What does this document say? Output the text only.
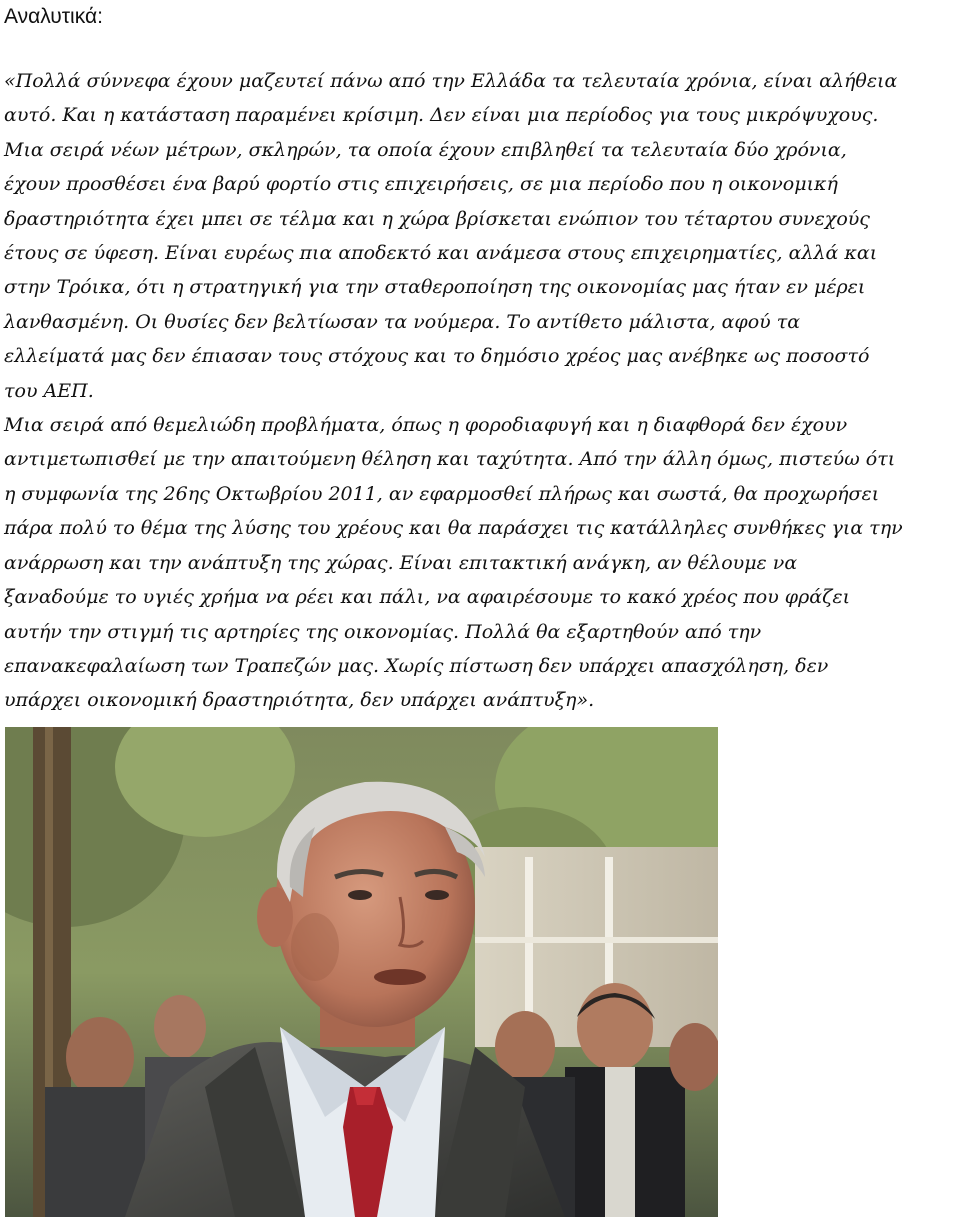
Αναλυτικά:

«Πολλά σύννεφα έχουν μαζευτεί πάνω από την Ελλάδα τα τελευταία χρόνια, είναι αλήθεια
αυτό. Και η κατάσταση παραμένει κρίσιμη. Δεν είναι μια περίοδος για τους μικρόψυχους.
Μια σειρά νέων μέτρων, σκληρών, τα οποία έχουν επιβληθεί τα τελευταία δύο χρόνια,
έχουν προσθέσει ένα βαρύ φορτίο στις επιχειρήσεις, σε μια περίοδο που η οικονομική
δραστηριότητα έχει μπει σε τέλμα και η χώρα βρίσκεται ενώπιον του τέταρτου συνεχούς
έτους σε ύφεση. Είναι ευρέως πια αποδεκτό και ανάμεσα στους επιχειρηματίες, αλλά και
στην Τρόικα, ότι η στρατηγική για την σταθεροποίηση της οικονομίας μας ήταν εν μέρει
λανθασμένη. Οι θυσίες δεν βελτίωσαν τα νούμερα. Το αντίθετο μάλιστα, αφού τα
ελλείματά μας δεν έπιασαν τους στόχους και το δημόσιο χρέος μας ανέβηκε ως ποσοστό
του ΑΕΠ.
Μια σειρά από θεμελιώδη προβλήματα, όπως η φοροδιαφυγή και η διαφθορά δεν έχουν
αντιμετωπισθεί με την απαιτούμενη θέληση και ταχύτητα. Από την άλλη όμως, πιστεύω ότι
η συμφωνία της 26ης Οκτωβρίου 2011, αν εφαρμοσθεί πλήρως και σωστά, θα προχωρήσει
πάρα πολύ το θέμα της λύσης του χρέους και θα παράσχει τις κατάλληλες συνθήκες για την
ανάρρωση και την ανάπτυξη της χώρας. Είναι επιτακτική ανάγκη, αν θέλουμε να
ξαναδούμε το υγιές χρήμα να ρέει και πάλι, να αφαιρέσουμε το κακό χρέος που φράζει
αυτήν την στιγμή τις αρτηρίες της οικονομίας. Πολλά θα εξαρτηθούν από την
επανακεφαλαίωση των Τραπεζών μας. Χωρίς πίστωση δεν υπάρχει απασχόληση, δεν
υπάρχει οικονομική δραστηριότητα, δεν υπάρχει ανάπτυξη».
